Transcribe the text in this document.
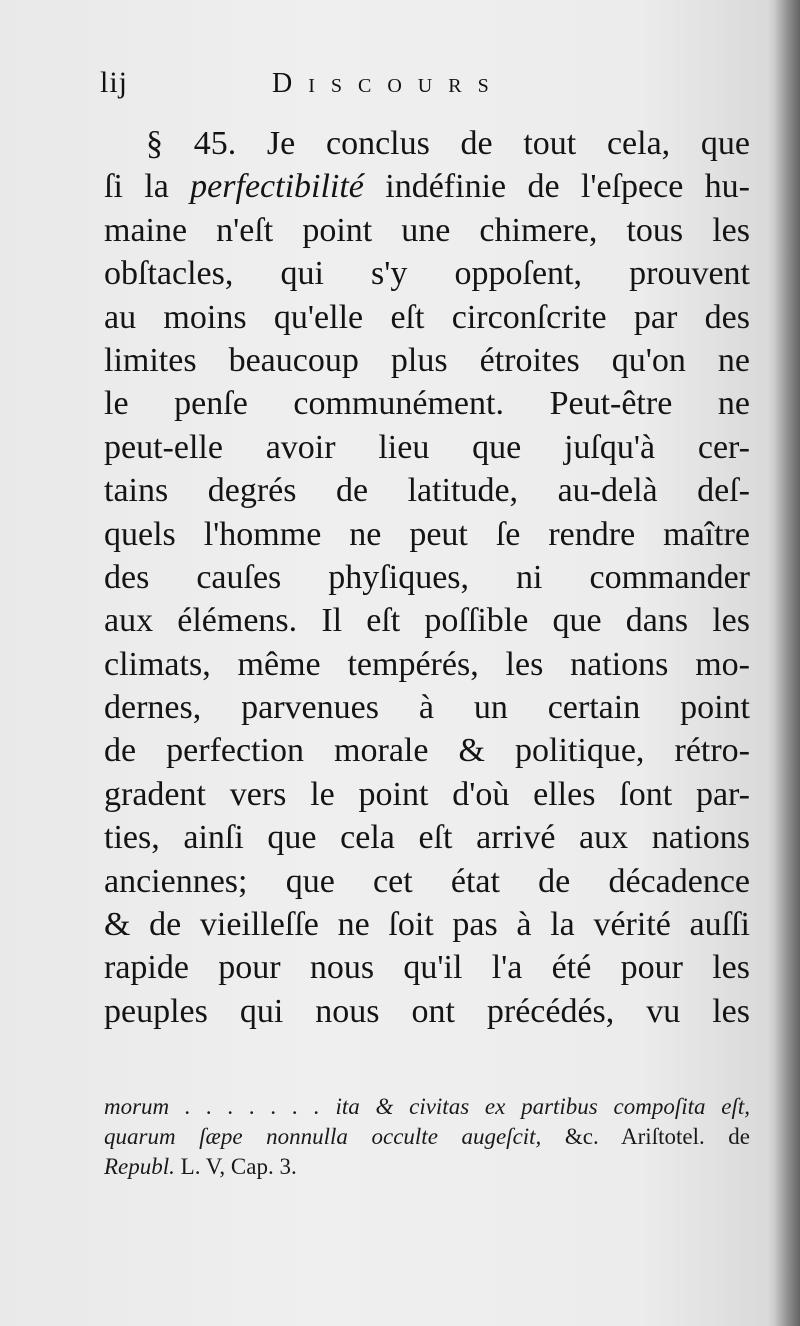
lij	Discours
§ 45. Je conclus de tout cela, que
ſi la perfectibilité indéfinie de l'eſpece hu-
maine n'eſt point une chimere, tous les
obſtacles, qui s'y oppoſent, prouvent
au moins qu'elle eſt circonſcrite par des
limites beaucoup plus étroites qu'on ne
le penſe communément. Peut-être ne
peut-elle avoir lieu que juſqu'à cer-
tains degrés de latitude, au-delà deſ-
quels l'homme ne peut ſe rendre maître
des cauſes phyſiques, ni commander
aux élémens. Il eſt poſſible que dans les
climats, même tempérés, les nations mo-
dernes, parvenues à un certain point
de perfection morale & politique, rétro-
gradent vers le point d'où elles ſont par-
ties, ainſi que cela eſt arrivé aux nations
anciennes; que cet état de décadence
& de vieilleſſe ne ſoit pas à la vérité auſſi
rapide pour nous qu'il l'a été pour les
peuples qui nous ont précédés, vu les
morum . . . . . . . ita & civitas ex partibus compoſita eſt,
quarum ſæpe nonnulla occulte augeſcit, &c. Ariſtotel. de
Republ. L. V, Cap. 3.
